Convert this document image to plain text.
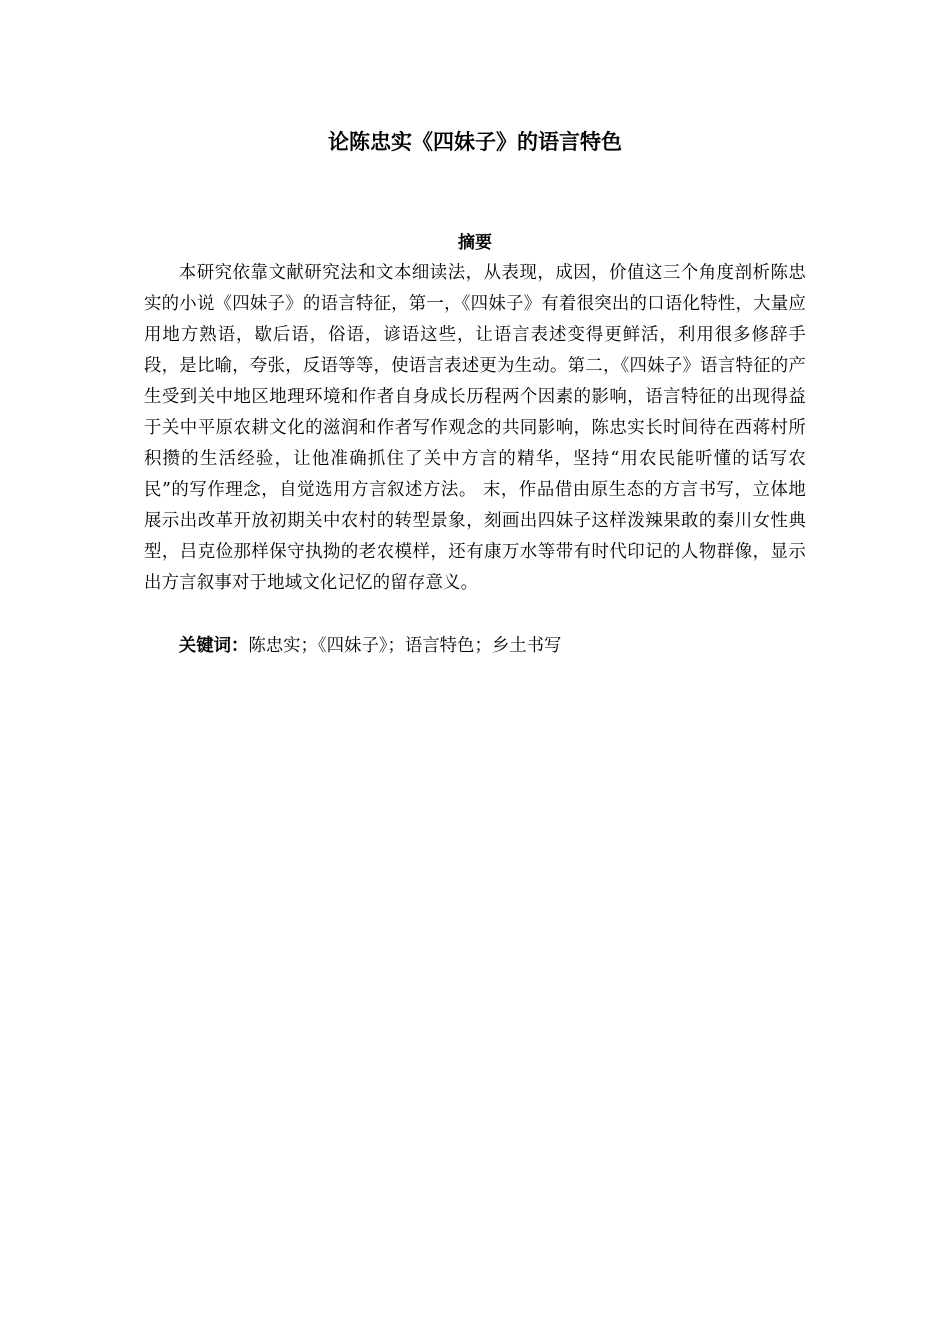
论陈忠实《四妹子》的语言特色
摘要

本研究依靠文献研究法和文本细读法，从表现，成因，价值这三个角度剖析陈忠实的小说《四妹子》的语言特征，第一，《四妹子》有着很突出的口语化特性，大量应用地方熟语，歇后语，俗语，谚语这些，让语言表述变得更鲜活，利用很多修辞手段，是比喻，夸张，反语等等，使语言表述更为生动。第二，《四妹子》语言特征的产生受到关中地区地理环境和作者自身成长历程两个因素的影响，语言特征的出现得益于关中平原农耕文化的滋润和作者写作观念的共同影响，陈忠实长时间待在西蒋村所积攒的生活经验，让他准确抓住了关中方言的精华，坚持“用农民能听懂的话写农民”的写作理念，自觉选用方言叙述方法。 末，作品借由原生态的方言书写，立体地展示出改革开放初期关中农村的转型景象，刻画出四妹子这样泼辣果敢的秦川女性典型，吕克俭那样保守执拗的老农模样，还有康万水等带有时代印记的人物群像，显示出方言叙事对于地域文化记忆的留存意义。

关键词：陈忠实；《四妹子》；语言特色；乡土书写
